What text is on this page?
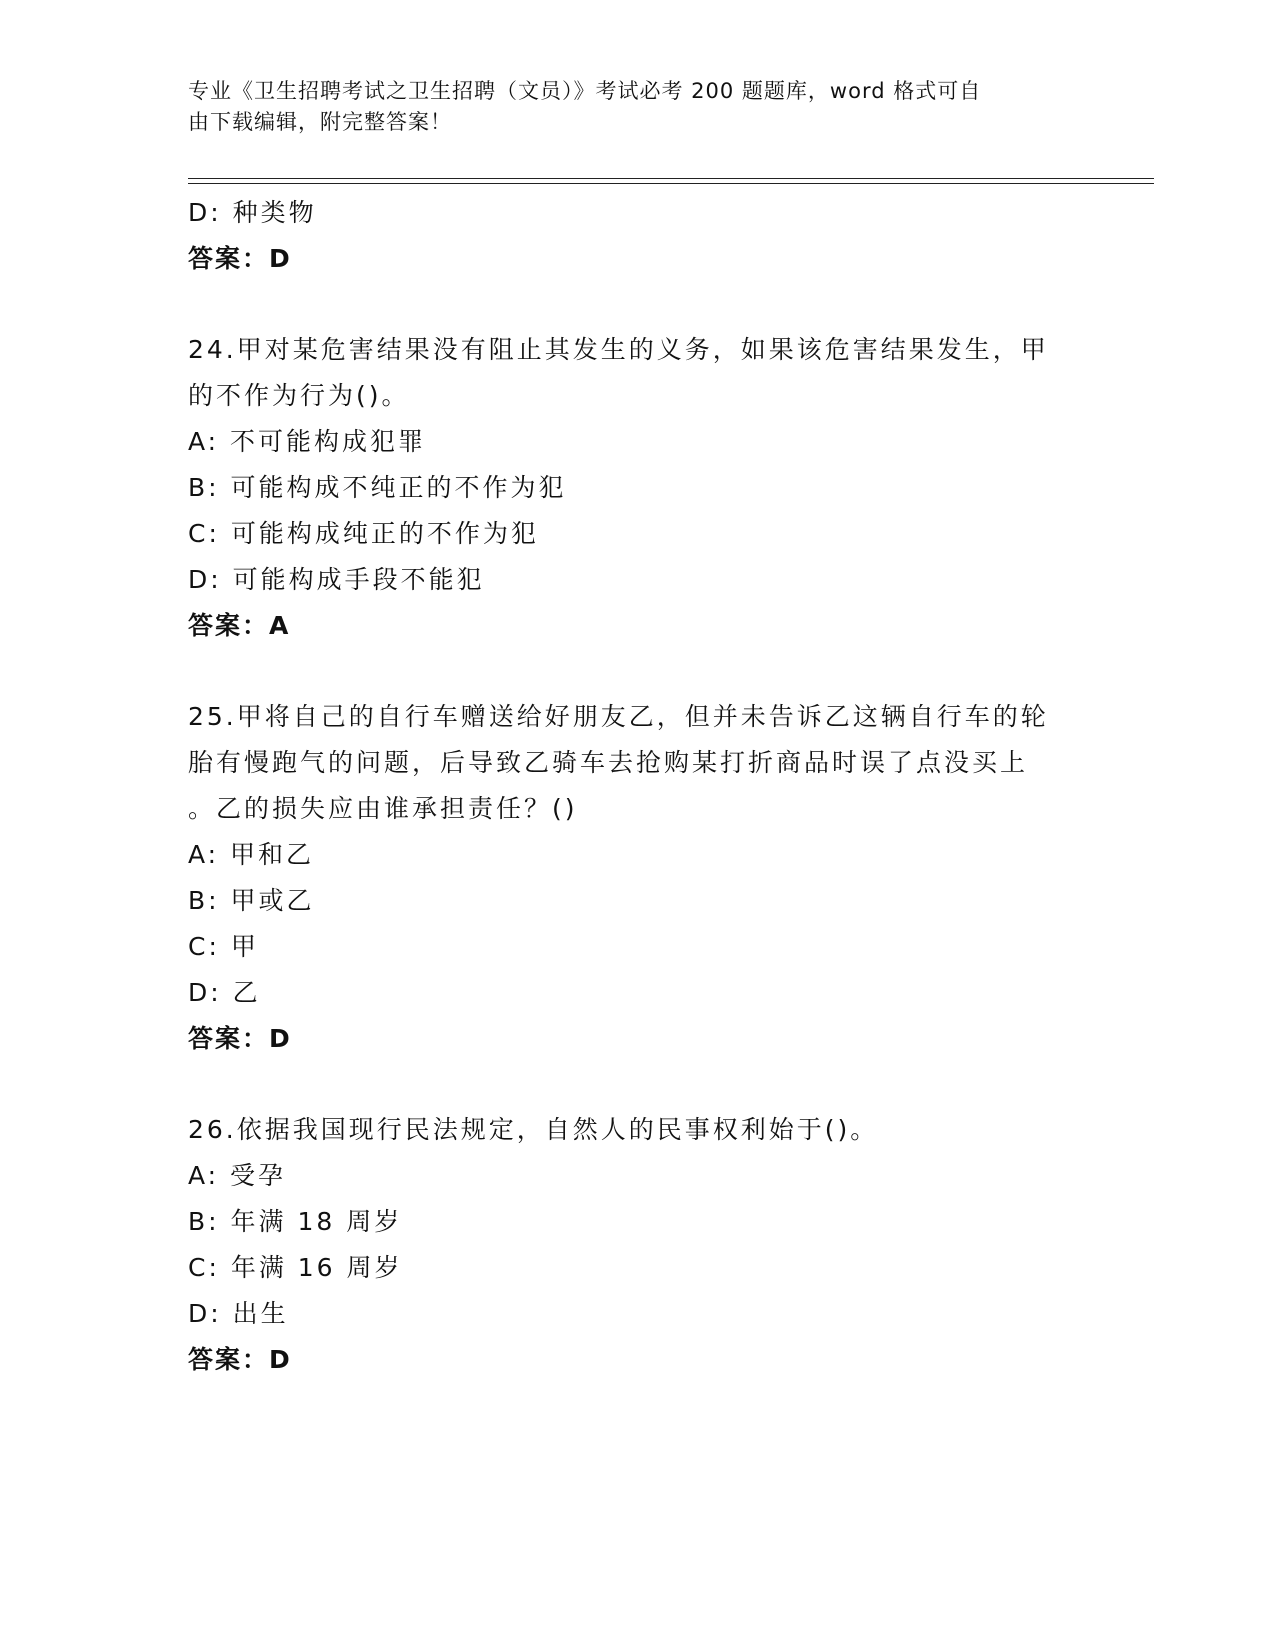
专业《卫生招聘考试之卫生招聘（文员）》考试必考 200 题题库，word 格式可自
由下载编辑，附完整答案！
D: 种类物
答案：D
24.甲对某危害结果没有阻止其发生的义务，如果该危害结果发生，甲
的不作为行为()。
A: 不可能构成犯罪
B: 可能构成不纯正的不作为犯
C: 可能构成纯正的不作为犯
D: 可能构成手段不能犯
答案：A
25.甲将自己的自行车赠送给好朋友乙，但并未告诉乙这辆自行车的轮
胎有慢跑气的问题，后导致乙骑车去抢购某打折商品时误了点没买上
。乙的损失应由谁承担责任？()
A: 甲和乙
B: 甲或乙
C: 甲
D: 乙
答案：D
26.依据我国现行民法规定，自然人的民事权利始于()。
A: 受孕
B: 年满 18 周岁
C: 年满 16 周岁
D: 出生
答案：D
